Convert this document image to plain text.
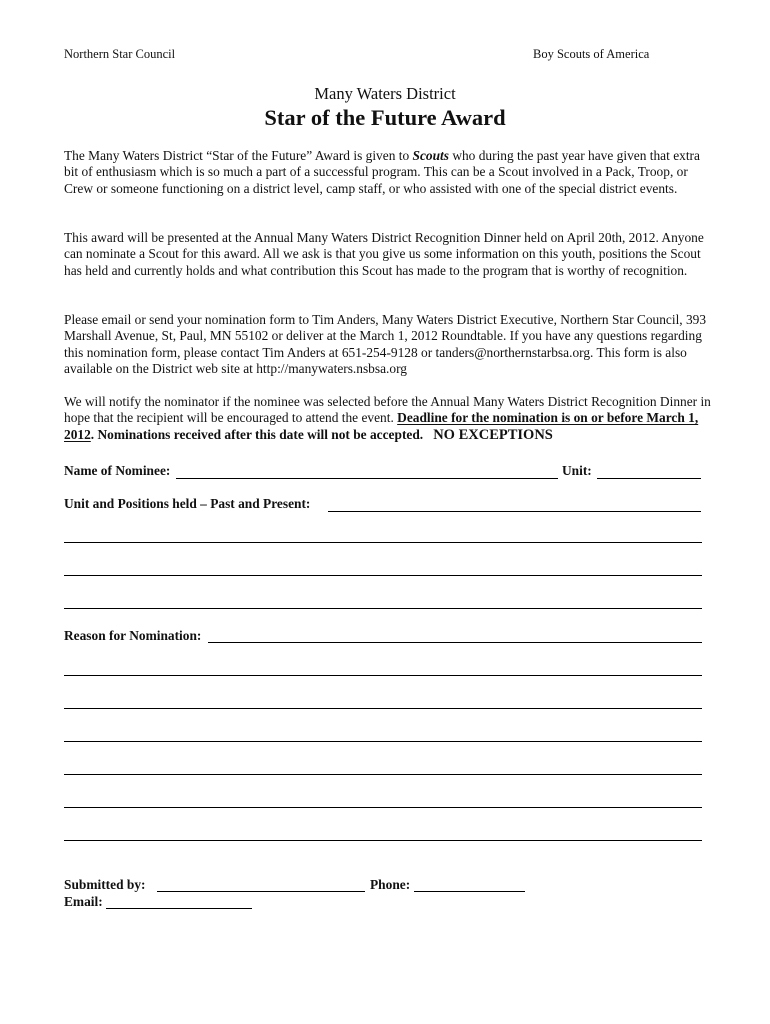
Northern Star Council	Boy Scouts of America
Many Waters District
Star of the Future Award
The Many Waters District “Star of the Future” Award is given to Scouts who during the past year have given that extra bit of enthusiasm which is so much a part of a successful program. This can be a Scout involved in a Pack, Troop, or Crew or someone functioning on a district level, camp staff, or who assisted with one of the special district events.
This award will be presented at the Annual Many Waters District Recognition Dinner held on April 20th, 2012. Anyone can nominate a Scout for this award. All we ask is that you give us some information on this youth, positions the Scout has held and currently holds and what contribution this Scout has made to the program that is worthy of recognition.
Please email or send your nomination form to Tim Anders, Many Waters District Executive, Northern Star Council, 393 Marshall Avenue, St, Paul, MN 55102 or deliver at the March 1, 2012 Roundtable. If you have any questions regarding this nomination form, please contact Tim Anders at 651-254-9128 or tanders@northernstarbsa.org. This form is also available on the District web site at http://manywaters.nsbsa.org
We will notify the nominator if the nominee was selected before the Annual Many Waters District Recognition Dinner in hope that the recipient will be encouraged to attend the event. Deadline for the nomination is on or before March 1, 2012. Nominations received after this date will not be accepted. NO EXCEPTIONS
Name of Nominee:	Unit:
Unit and Positions held – Past and Present:
Reason for Nomination:
Submitted by:	Phone:
Email:
